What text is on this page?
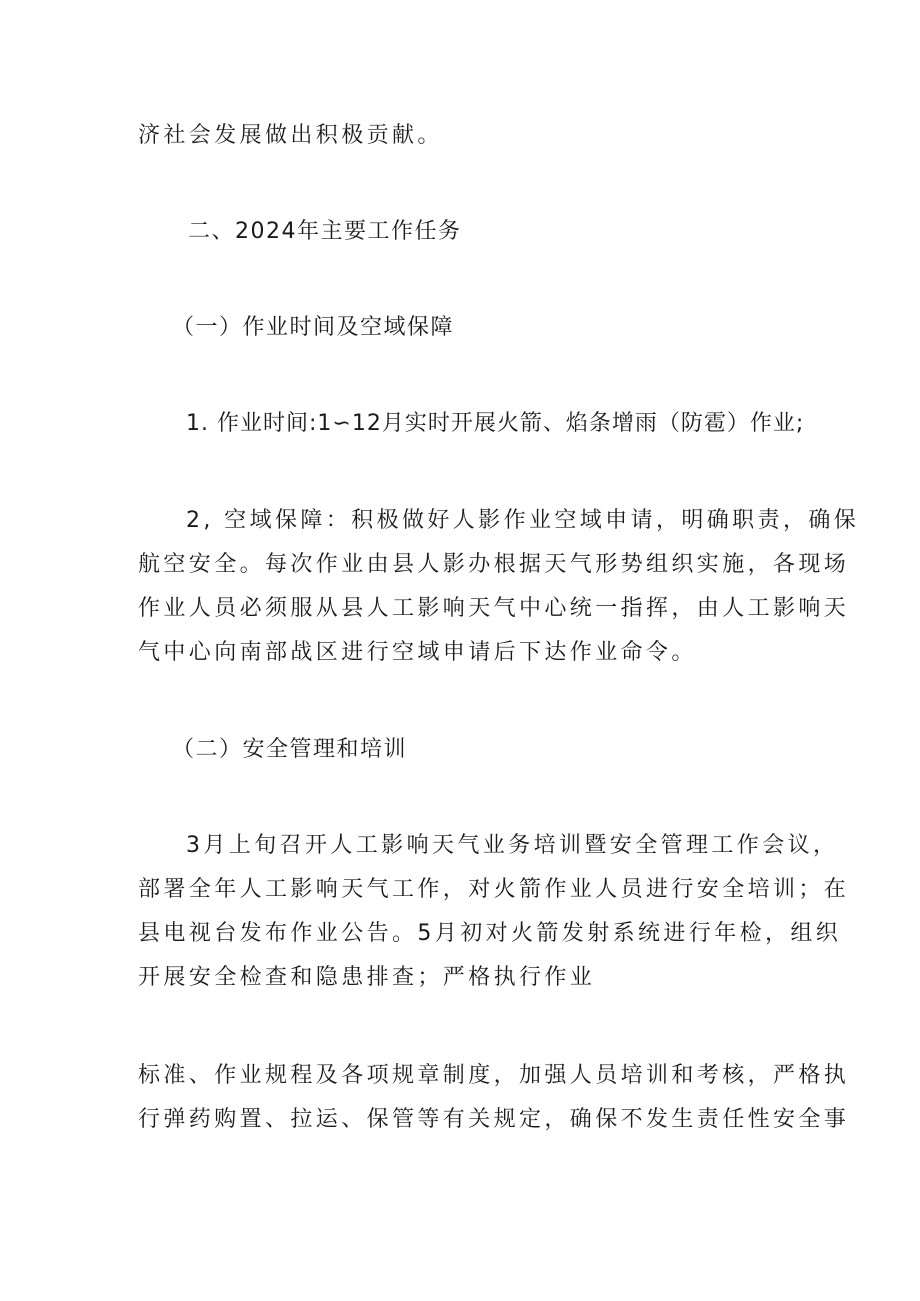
济社会发展做出积极贡献。
二、2024年主要工作任务
（一）作业时间及空域保障
1. 作业时间:1∽12月实时开展火箭、焰条增雨（防雹）作业;
2, 空域保障：积极做好人影作业空域申请，明确职责，确保
航空安全。每次作业由县人影办根据天气形势组织实施，各现场
作业人员必须服从县人工影响天气中心统一指挥，由人工影响天
气中心向南部战区进行空域申请后下达作业命令。
（二）安全管理和培训
3月上旬召开人工影响天气业务培训暨安全管理工作会议，
部署全年人工影响天气工作，对火箭作业人员进行安全培训；在
县电视台发布作业公告。5月初对火箭发射系统进行年检，组织
开展安全检查和隐患排查；严格执行作业
标准、作业规程及各项规章制度，加强人员培训和考核，严格执
行弹药购置、拉运、保管等有关规定，确保不发生责任性安全事
